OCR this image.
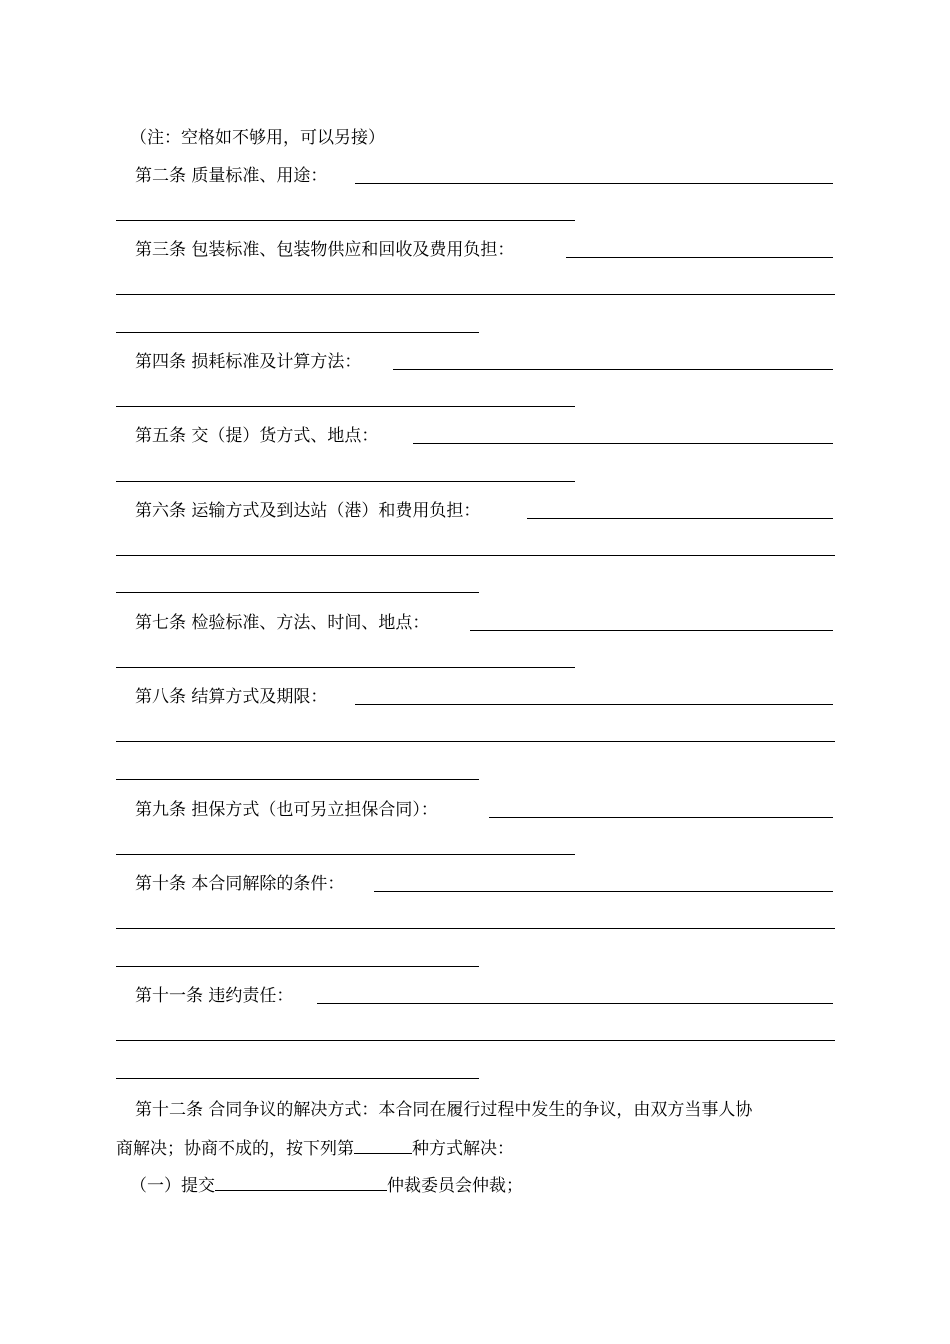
（注：空格如不够用，可以另接）
第二条 质量标准、用途：
第三条 包装标准、包装物供应和回收及费用负担：
第四条 损耗标准及计算方法：
第五条 交（提）货方式、地点：
第六条 运输方式及到达站（港）和费用负担：
第七条 检验标准、方法、时间、地点：
第八条 结算方式及期限：
第九条 担保方式（也可另立担保合同）：
第十条 本合同解除的条件：
第十一条 违约责任：
第十二条 合同争议的解决方式：本合同在履行过程中发生的争议，由双方当事人协
商解决；协商不成的，按下列第	种方式解决：
（一）提交	仲裁委员会仲裁；
